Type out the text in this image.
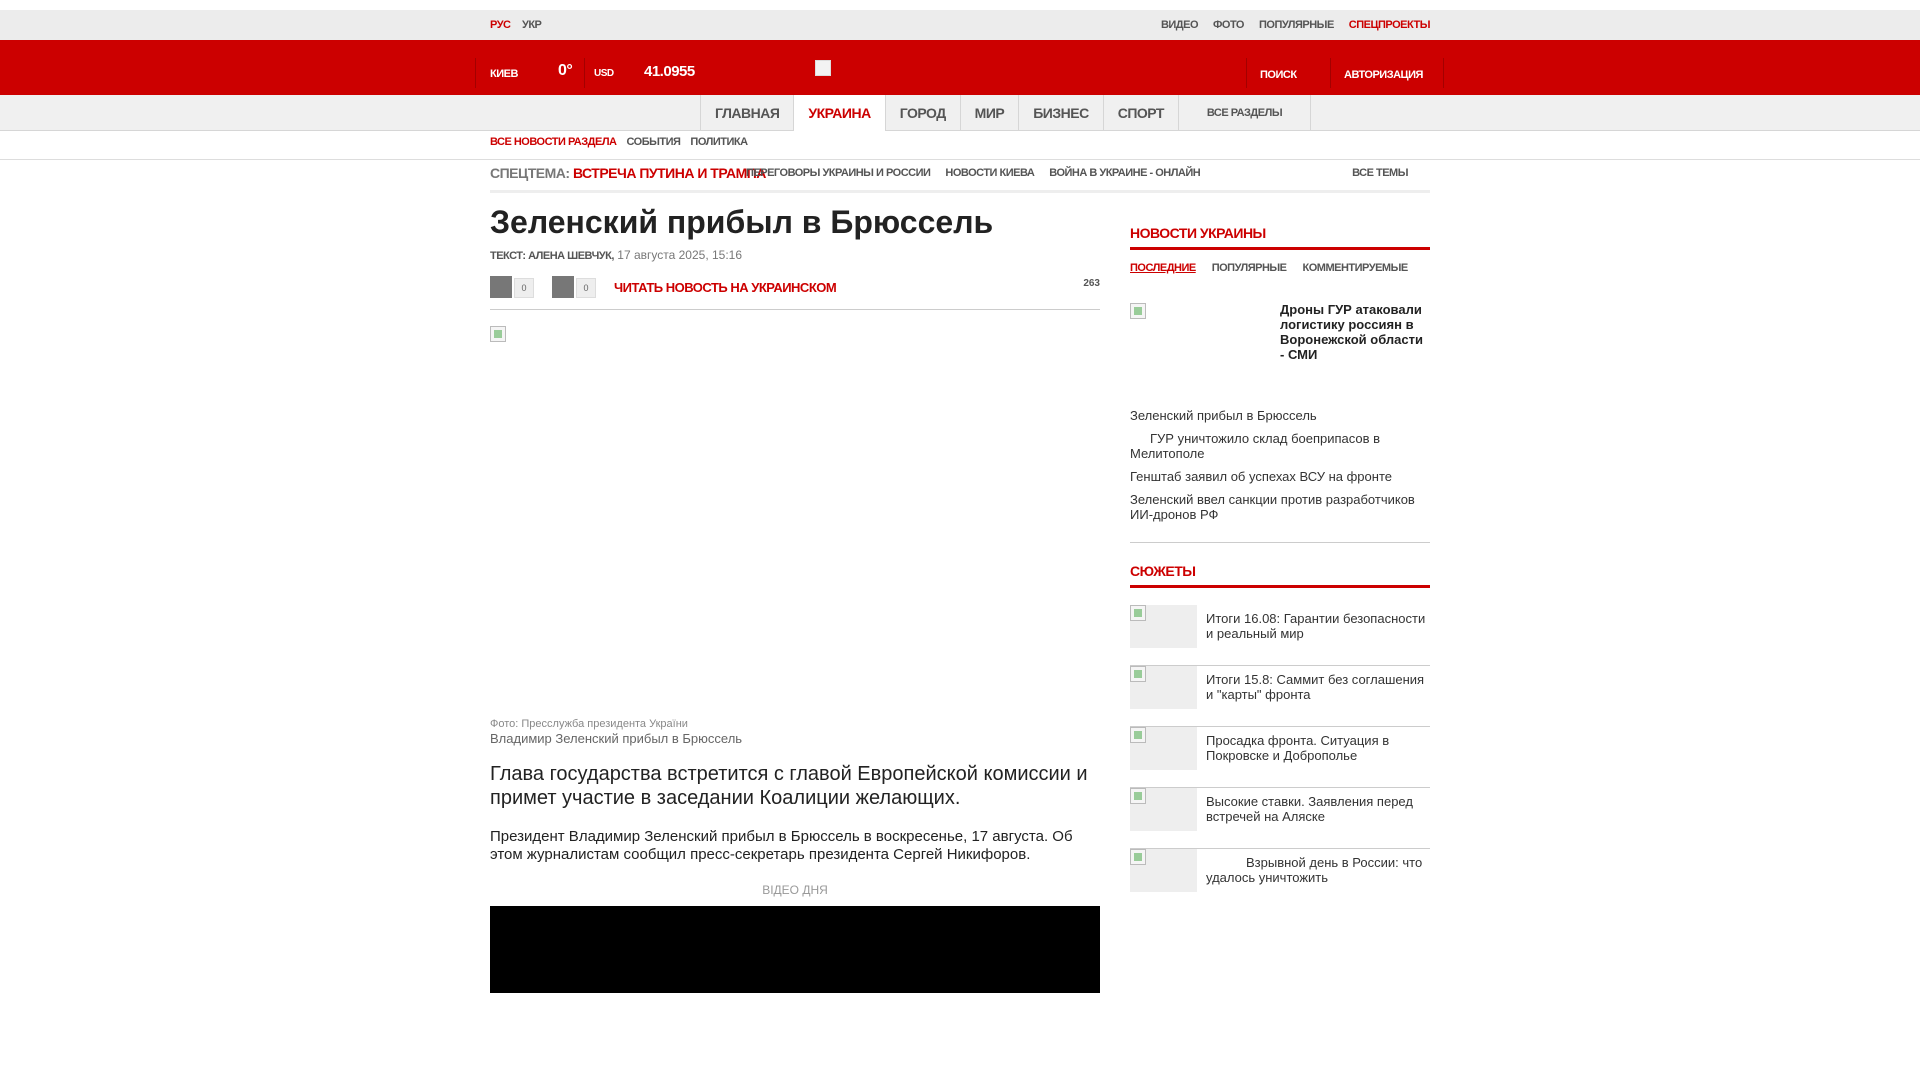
РУС УКР	ВИДЕО ФОТО ПОПУЛЯРНЫЕ СПЕЦПРОЕКТЫ
КИЕВ	0° USD 41.0955	ПОИСК	АВТОРИЗАЦИЯ
ГЛАВНАЯ	УКРАИНА	ГОРОД	МИР	БИЗНЕС	СПОРТ	ВСЕ РАЗДЕЛЫ
ВСЕ НОВОСТИ РАЗДЕЛА СОБЫТИЯ ПОЛИТИКА
СПЕЦТЕМА: ВСТРЕЧА ПУТИНА И ТРАМПА
ПЕРЕГОВОРЫ УКРАИНЫ И РОССИИ НОВОСТИ КИЕВА ВОЙНА В УКРАИНЕ - ОНЛАЙН	ВСЕ ТЕМЫ
Зеленский прибыл в Брюссель
ТЕКСТ: АЛЕНА ШЕВЧУК, 17 августа 2025, 15:16
0	0	ЧИТАТЬ НОВОСТЬ НА УКРАИНСКОМ	263
Фото: Пресслужба президента України
Владимир Зеленский прибыл в Брюссель

Глава государства встретится с главой Европейской комиссии и примет участие в заседании Коалиции желающих.

Президент Владимир Зеленский прибыл в Брюссель в воскресенье, 17 августа. Об этом журналистам сообщил пресс-секретарь президента Сергей Никифоров.

ВІДЕО ДНЯ
НОВОСТИ УКРАИНЫ
ПОСЛЕДНИЕ ПОПУЛЯРНЫЕ КОММЕНТИРУЕМЫЕ
Дроны ГУР атаковали логистику россиян в Воронежской области - СМИ
Зеленский прибыл в Брюссель
ГУР уничтожило склад боеприпасов в Мелитополе
Генштаб заявил об успехах ВСУ на фронте
Зеленский ввел санкции против разработчиков ИИ-дронов РФ
СЮЖЕТЫ
Итоги 16.08: Гарантии безопасности и реальный мир
Итоги 15.8: Саммит без соглашения и "карты" фронта
Просадка фронта. Ситуация в Покровске и Доброполье
Высокие ставки. Заявления перед встречей на Аляске
Взрывной день в России: что удалось уничтожить
